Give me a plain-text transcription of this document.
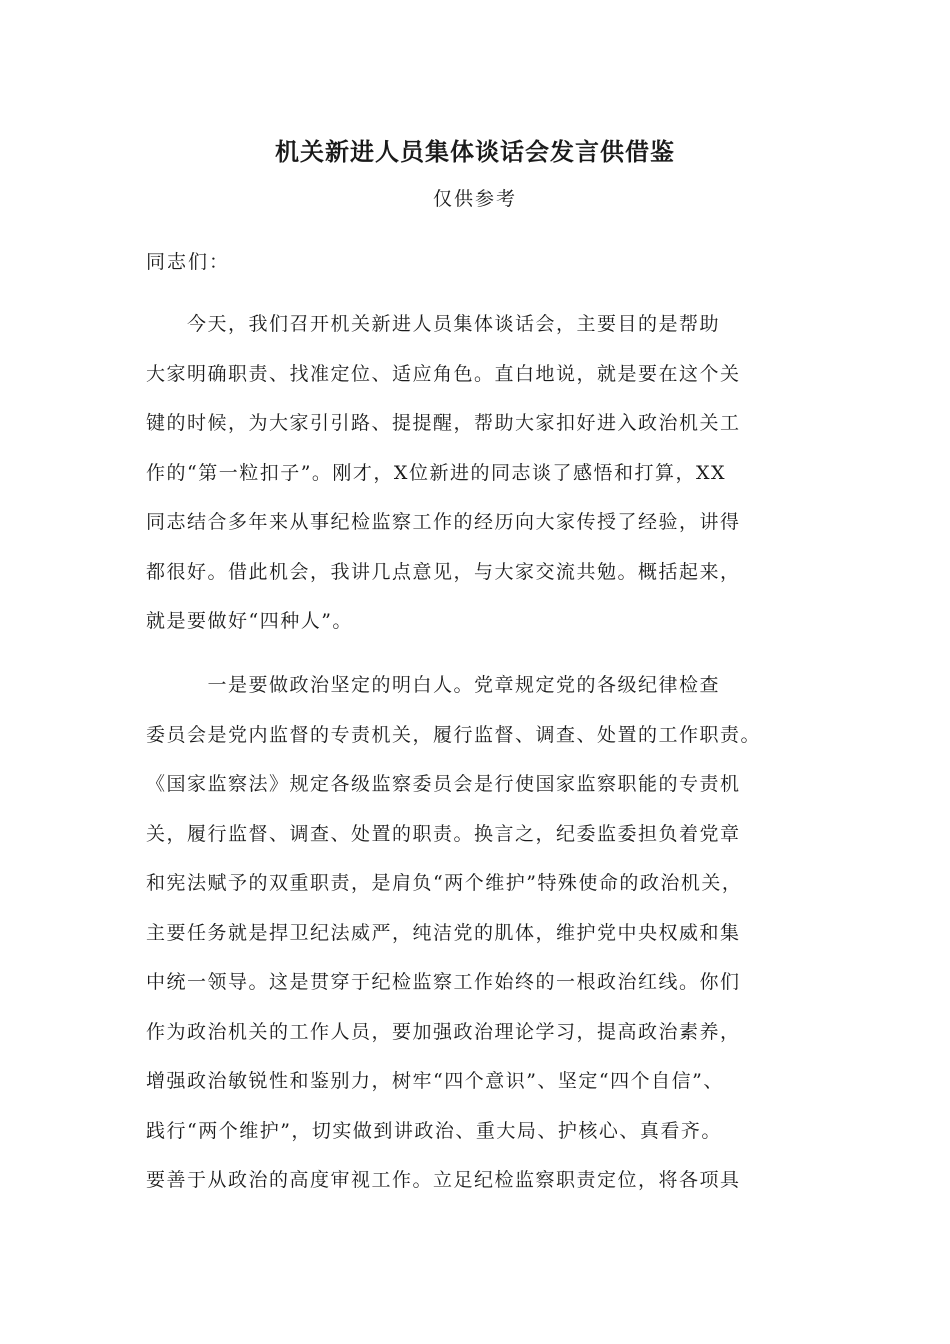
机关新进人员集体谈话会发言供借鉴
仅供参考
同志们：
　　今天，我们召开机关新进人员集体谈话会，主要目的是帮助
大家明确职责、找准定位、适应角色。直白地说，就是要在这个关
键的时候，为大家引引路、提提醒，帮助大家扣好进入政治机关工
作的“第一粒扣子”。刚才，X位新进的同志谈了感悟和打算，XX
同志结合多年来从事纪检监察工作的经历向大家传授了经验，讲得
都很好。借此机会，我讲几点意见，与大家交流共勉。概括起来，
就是要做好“四种人”。
　　　一是要做政治坚定的明白人。党章规定党的各级纪律检查
委员会是党内监督的专责机关，履行监督、调查、处置的工作职责。
《国家监察法》规定各级监察委员会是行使国家监察职能的专责机
关，履行监督、调查、处置的职责。换言之，纪委监委担负着党章
和宪法赋予的双重职责，是肩负“两个维护”特殊使命的政治机关，
主要任务就是捍卫纪法威严，纯洁党的肌体，维护党中央权威和集
中统一领导。这是贯穿于纪检监察工作始终的一根政治红线。你们
作为政治机关的工作人员，要加强政治理论学习，提高政治素养，
增强政治敏锐性和鉴别力，树牢“四个意识”、坚定“四个自信”、
践行“两个维护”，切实做到讲政治、重大局、护核心、真看齐。
要善于从政治的高度审视工作。立足纪检监察职责定位，将各项具
